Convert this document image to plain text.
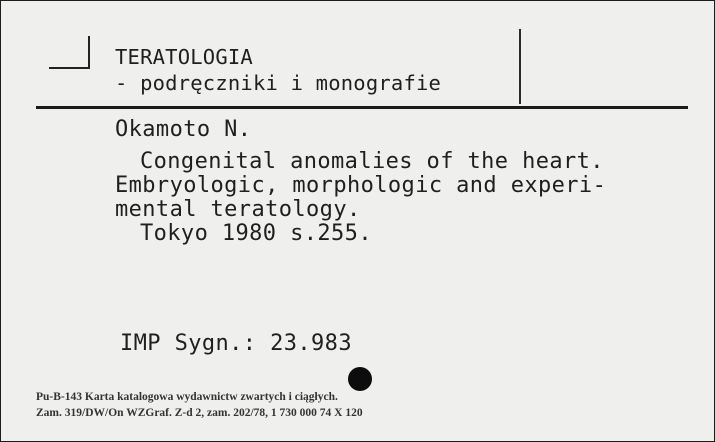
TERATOLOGIA
- podręczniki i monografie
Okamoto N.
Congenital anomalies of the heart.
Embryologic, morphologic and experi-
mental teratology.
Tokyo 1980 s.255.
IMP Sygn.: 23.983
Pu-B-143 Karta katalogowa wydawnictw zwartych i ciągłych.
Zam. 319/DW/On WZGraf. Z-d 2, zam. 202/78, 1 730 000 74 X 120
